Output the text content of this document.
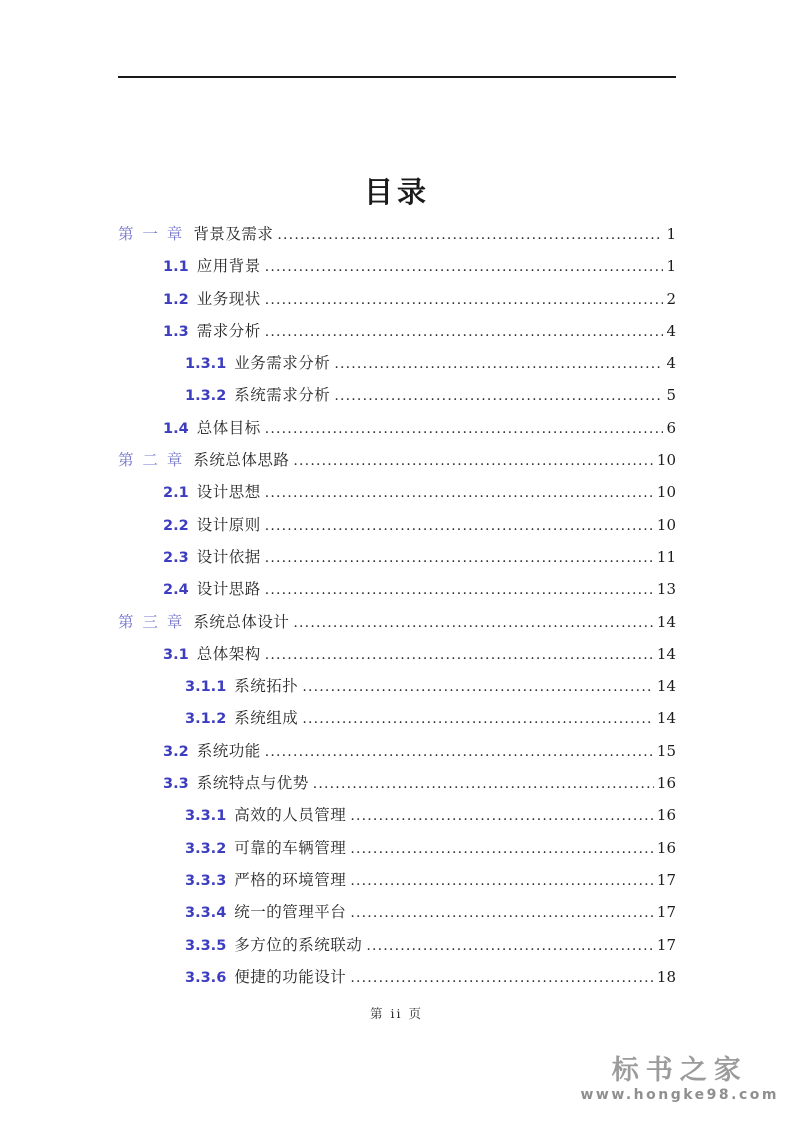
目录
第 一 章 背景及需求 .....	1
1.1 应用背景 .....	1
1.2 业务现状 .....	2
1.3 需求分析 .....	4
1.3.1 业务需求分析 .....	4
1.3.2 系统需求分析 .....	5
1.4 总体目标 .....	6
第 二 章 系统总体思路 .....	10
2.1 设计思想 .....	10
2.2 设计原则 .....	10
2.3 设计依据 .....	11
2.4 设计思路 .....	13
第 三 章 系统总体设计 .....	14
3.1 总体架构 .....	14
3.1.1 系统拓扑 .....	14
3.1.2 系统组成 .....	14
3.2 系统功能 .....	15
3.3 系统特点与优势 .....	16
3.3.1 高效的人员管理 .....	16
3.3.2 可靠的车辆管理 .....	16
3.3.3 严格的环境管理 .....	17
3.3.4 统一的管理平台 .....	17
3.3.5 多方位的系统联动 .....	17
3.3.6 便捷的功能设计 .....	18
第 ii 页
标书之家
www.hongke98.com
